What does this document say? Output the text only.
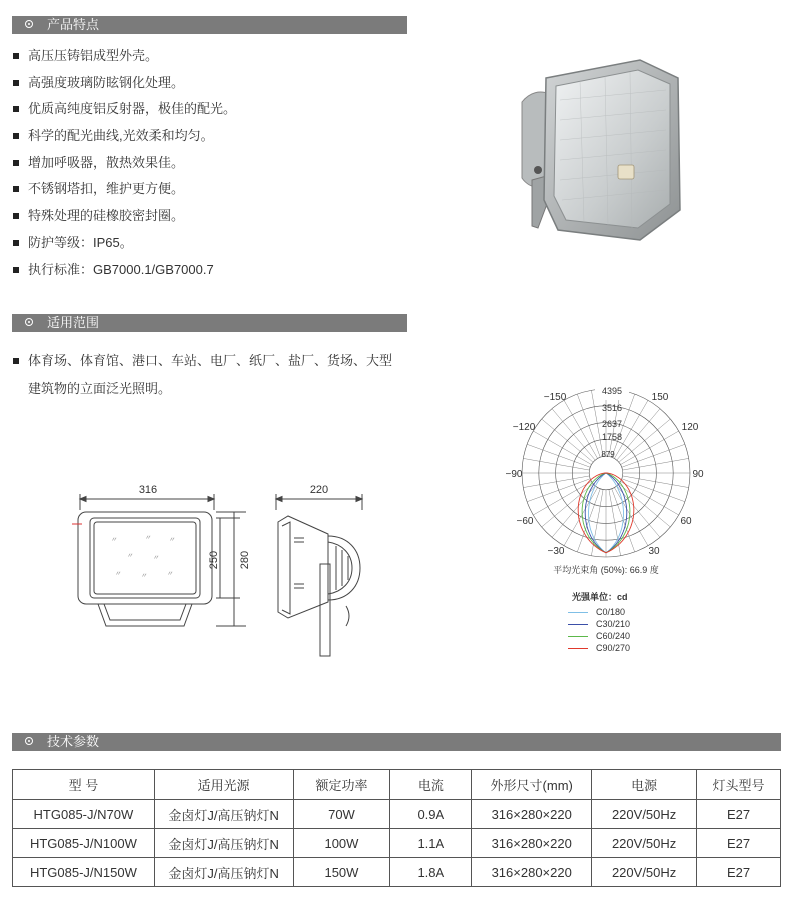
产品特点
高压压铸铝成型外壳。
高强度玻璃防眩钢化处理。
优质高纯度铝反射器，极佳的配光。
科学的配光曲线,光效柔和均匀。
增加呼吸器，散热效果佳。
不锈钢塔扣，维护更方便。
特殊处理的硅橡胶密封圈。
防护等级：IP65。
执行标准：GB7000.1/GB7000.7
适用范围
体育场、体育馆、港口、车站、电厂、纸厂、盐厂、货场、大型
建筑物的立面泛光照明。
〃	〃 〃
〃	〃
〃	〃	〃
316
250 280
220
4395
3516
2637
1758
879
−150	150
−120	120
−90	90
−60	60
−30	30
平均光束角 (50%): 66.9 度
光强单位：cd
C0/180
C30/210
C60/240
C90/270
技术参数
型 号	适用光源	额定功率	电流	外形尺寸(mm)	电源	灯头型号
HTG085-J/N70W	金卤灯J/高压钠灯N	70W	0.9A	316×280×220	220V/50Hz	E27
HTG085-J/N100W	金卤灯J/高压钠灯N	100W	1.1A	316×280×220	220V/50Hz	E27
HTG085-J/N150W	金卤灯J/高压钠灯N	150W	1.8A	316×280×220	220V/50Hz	E27
